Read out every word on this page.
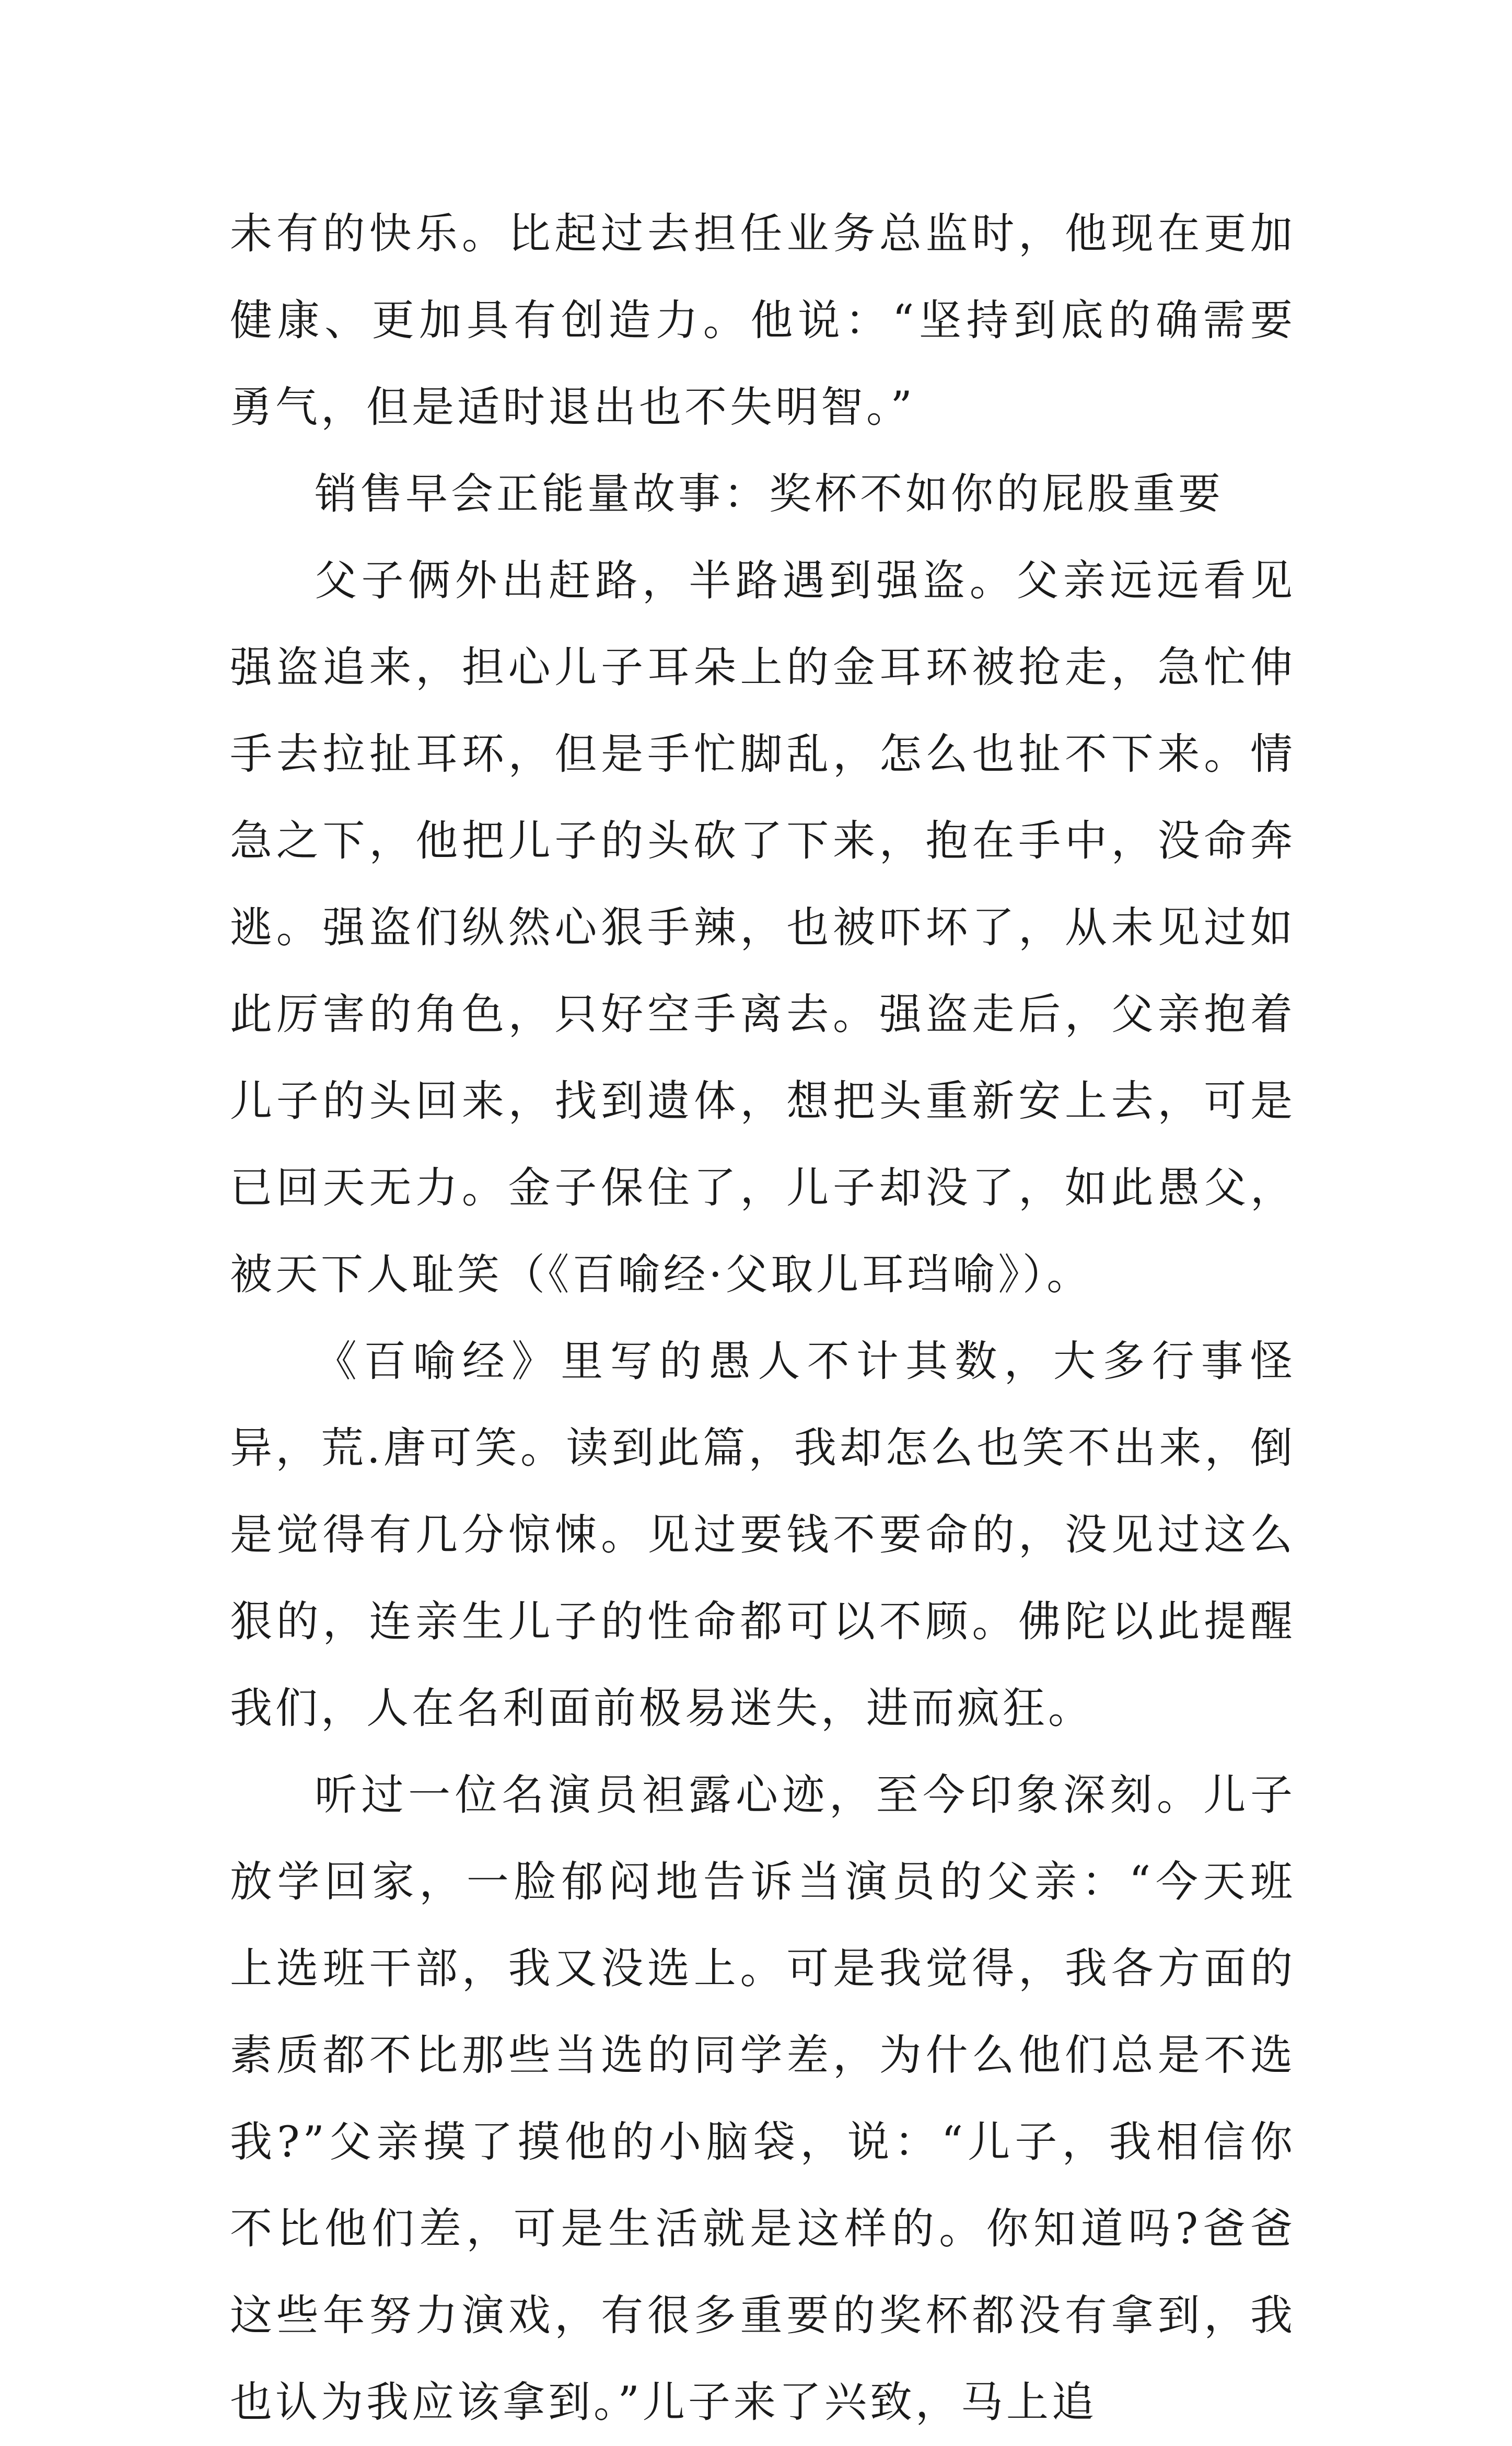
未有的快乐。比起过去担任业务总监时，他现在更加健康、更加具有创造力。他说：“坚持到底的确需要勇气，但是适时退出也不失明智。”

销售早会正能量故事：奖杯不如你的屁股重要

父子俩外出赶路，半路遇到强盗。父亲远远看见强盗追来，担心儿子耳朵上的金耳环被抢走，急忙伸手去拉扯耳环，但是手忙脚乱，怎么也扯不下来。情急之下，他把儿子的头砍了下来，抱在手中，没命奔逃。强盗们纵然心狠手辣，也被吓坏了，从未见过如此厉害的角色，只好空手离去。强盗走后，父亲抱着儿子的头回来，找到遗体，想把头重新安上去，可是已回天无力。金子保住了，儿子却没了，如此愚父，被天下人耻笑（《百喻经·父取儿耳珰喻》）。

《百喻经》里写的愚人不计其数，大多行事怪异，荒.唐可笑。读到此篇，我却怎么也笑不出来，倒是觉得有几分惊悚。见过要钱不要命的，没见过这么狠的，连亲生儿子的性命都可以不顾。佛陀以此提醒我们，人在名利面前极易迷失，进而疯狂。

听过一位名演员袒露心迹，至今印象深刻。儿子放学回家，一脸郁闷地告诉当演员的父亲：“今天班上选班干部，我又没选上。可是我觉得，我各方面的素质都不比那些当选的同学差，为什么他们总是不选我?”父亲摸了摸他的小脑袋，说：“儿子，我相信你不比他们差，可是生活就是这样的。你知道吗?爸爸这些年努力演戏，有很多重要的奖杯都没有拿到，我也认为我应该拿到。”儿子来了兴致，马上追
